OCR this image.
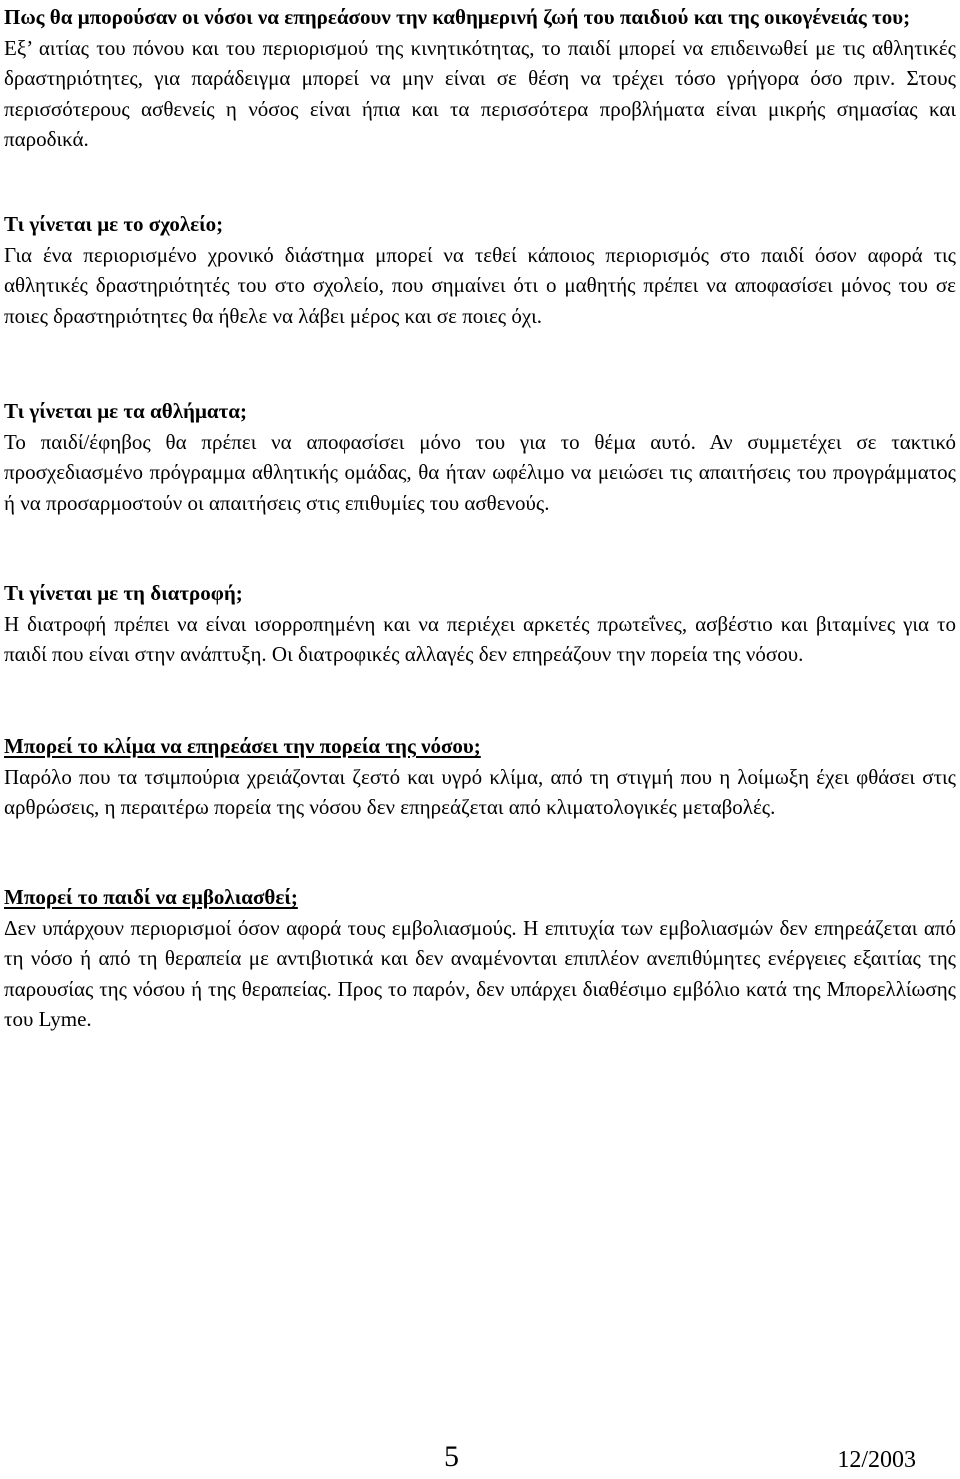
Πως θα μπορούσαν οι νόσοι να επηρεάσουν την καθημερινή ζωή του παιδιού και της οικογένειάς του;

Εξ’ αιτίας του πόνου και του περιορισμού της κινητικότητας, το παιδί μπορεί να επιδεινωθεί με τις αθλητικές δραστηριότητες, για παράδειγμα μπορεί να μην είναι σε θέση να τρέχει τόσο γρήγορα όσο πριν. Στους περισσότερους ασθενείς η νόσος είναι ήπια και τα περισσότερα προβλήματα είναι μικρής σημασίας και παροδικά.

Τι γίνεται με το σχολείο;

Για ένα περιορισμένο χρονικό διάστημα μπορεί να τεθεί κάποιος περιορισμός στο παιδί όσον αφορά τις αθλητικές δραστηριότητές του στο σχολείο, που σημαίνει ότι ο μαθητής πρέπει να αποφασίσει μόνος του σε ποιες δραστηριότητες θα ήθελε να λάβει μέρος και σε ποιες όχι.

Τι γίνεται με τα αθλήματα;

Το παιδί/έφηβος θα πρέπει να αποφασίσει μόνο του για το θέμα αυτό. Αν συμμετέχει σε τακτικό προσχεδιασμένο πρόγραμμα αθλητικής ομάδας, θα ήταν ωφέλιμο να μειώσει τις απαιτήσεις του προγράμματος ή να προσαρμοστούν οι απαιτήσεις στις επιθυμίες του ασθενούς.

Τι γίνεται με τη διατροφή;

Η διατροφή πρέπει να είναι ισορροπημένη και να περιέχει αρκετές πρωτεΐνες, ασβέστιο και βιταμίνες για το παιδί που είναι στην ανάπτυξη. Οι διατροφικές αλλαγές δεν επηρεάζουν την πορεία της νόσου.

Μπορεί το κλίμα να επηρεάσει την πορεία της νόσου;

Παρόλο που τα τσιμπούρια χρειάζονται ζεστό και υγρό κλίμα, από τη στιγμή που η λοίμωξη έχει φθάσει στις αρθρώσεις, η περαιτέρω πορεία της νόσου δεν επηρεάζεται από κλιματολογικές μεταβολές.

Μπορεί το παιδί να εμβολιασθεί;

Δεν υπάρχουν περιορισμοί όσον αφορά τους εμβολιασμούς. Η επιτυχία των εμβολιασμών δεν επηρεάζεται από τη νόσο ή από τη θεραπεία με αντιβιοτικά και δεν αναμένονται επιπλέον ανεπιθύμητες ενέργειες εξαιτίας της παρουσίας της νόσου ή της θεραπείας. Προς το παρόν, δεν υπάρχει διαθέσιμο εμβόλιο κατά της Μπορελλίωσης του Lyme.

5	12/2003
